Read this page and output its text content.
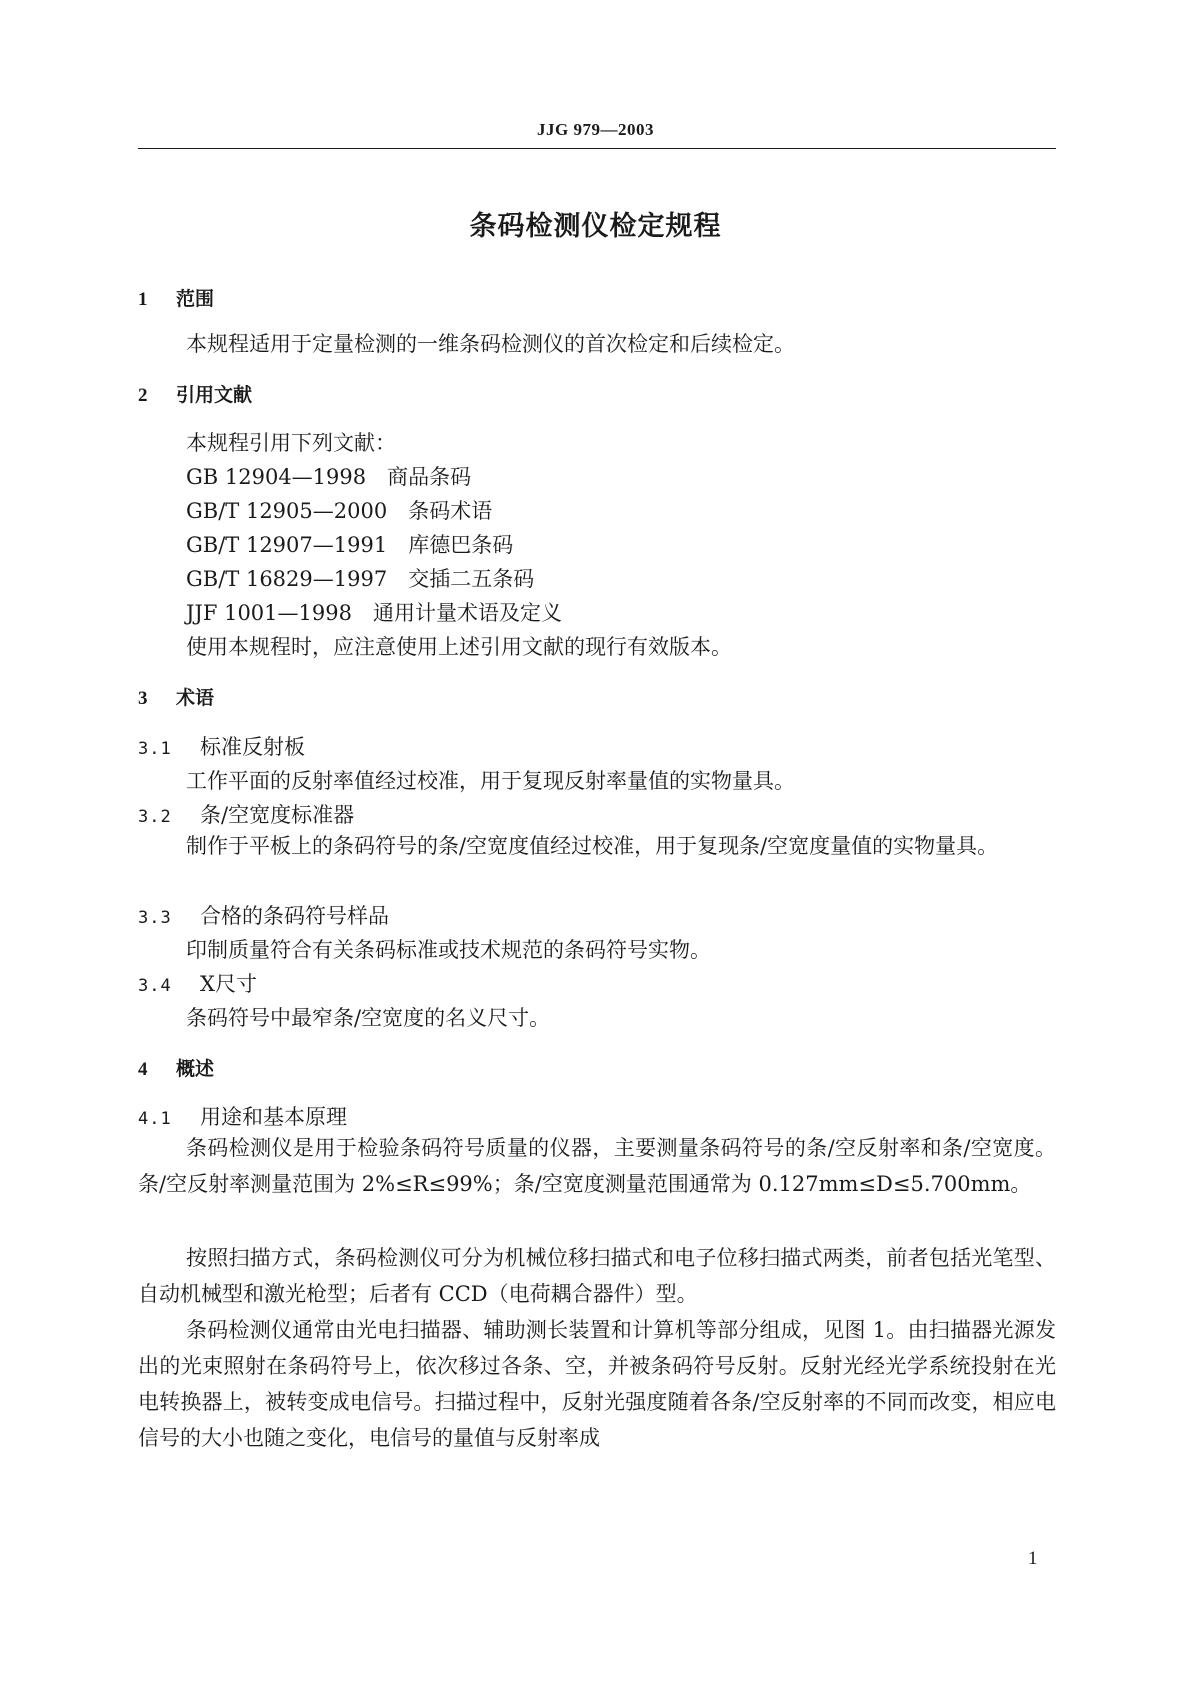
JJG 979—2003
条码检测仪检定规程
1 范围
本规程适用于定量检测的一维条码检测仪的首次检定和后续检定。
2 引用文献
本规程引用下列文献：
GB 12904—1998　商品条码
GB/T 12905—2000　条码术语
GB/T 12907—1991　库德巴条码
GB/T 16829—1997　交插二五条码
JJF 1001—1998　通用计量术语及定义
使用本规程时，应注意使用上述引用文献的现行有效版本。
3 术语
3.1 标准反射板
工作平面的反射率值经过校准，用于复现反射率量值的实物量具。
3.2 条/空宽度标准器

制作于平板上的条码符号的条/空宽度值经过校准，用于复现条/空宽度量值的实物量具。

3.3 合格的条码符号样品
印制质量符合有关条码标准或技术规范的条码符号实物。
3.4 X尺寸
条码符号中最窄条/空宽度的名义尺寸。
4 概述
4.1 用途和基本原理

条码检测仪是用于检验条码符号质量的仪器，主要测量条码符号的条/空反射率和条/空宽度。条/空反射率测量范围为 2%≤R≤99%；条/空宽度测量范围通常为 0.127mm≤D≤5.700mm。

按照扫描方式，条码检测仪可分为机械位移扫描式和电子位移扫描式两类，前者包括光笔型、自动机械型和激光枪型；后者有 CCD（电荷耦合器件）型。

条码检测仪通常由光电扫描器、辅助测长装置和计算机等部分组成，见图 1。由扫描器光源发出的光束照射在条码符号上，依次移过各条、空，并被条码符号反射。反射光经光学系统投射在光电转换器上，被转变成电信号。扫描过程中，反射光强度随着各条/空反射率的不同而改变，相应电信号的大小也随之变化，电信号的量值与反射率成

1
